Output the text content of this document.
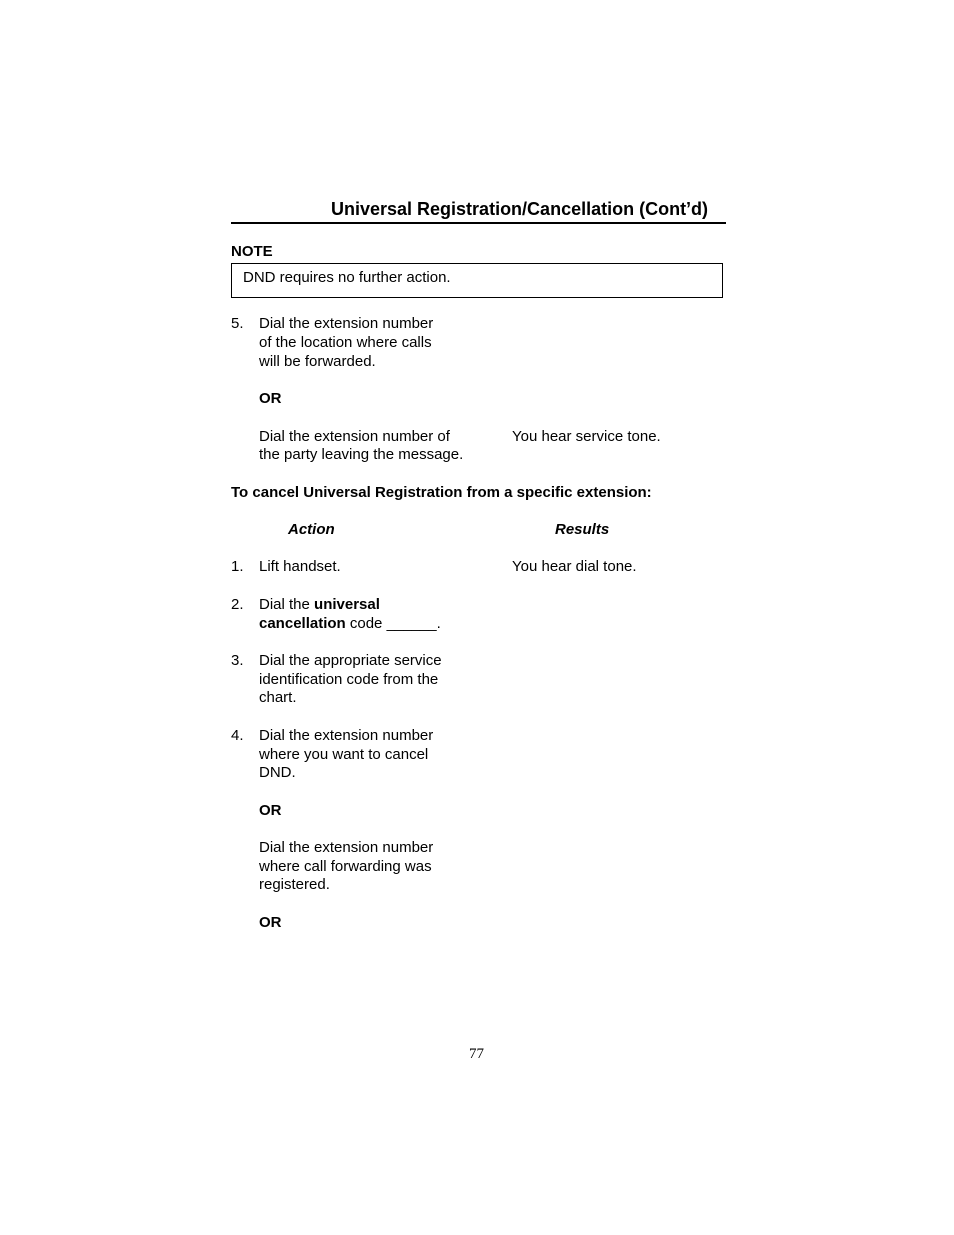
Universal Registration/Cancellation (Cont’d)
NOTE
DND requires no further action.
5. Dial the extension number
of the location where calls
will be forwarded.
OR
Dial the extension number of
the party leaving the message.
You hear service tone.
To cancel Universal Registration from a specific extension:
Action	Results
1. Lift handset.	You hear dial tone.
2. Dial the universal
cancellation code ______.
3. Dial the appropriate service
identification code from the
chart.
4. Dial the extension number
where you want to cancel
DND.
OR
Dial the extension number
where call forwarding was
registered.
OR
77
